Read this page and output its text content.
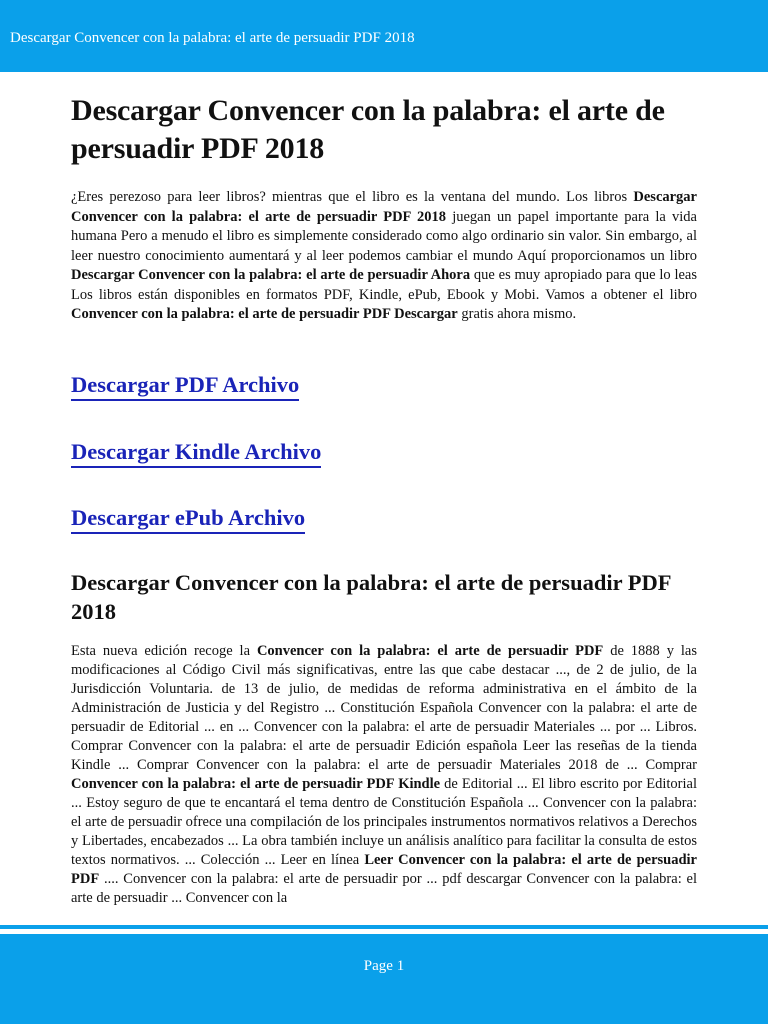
Descargar Convencer con la palabra: el arte de persuadir PDF 2018
Descargar Convencer con la palabra: el arte de persuadir PDF 2018

¿Eres perezoso para leer libros? mientras que el libro es la ventana del mundo. Los libros Descargar Convencer con la palabra: el arte de persuadir PDF 2018 juegan un papel importante para la vida humana Pero a menudo el libro es simplemente considerado como algo ordinario sin valor. Sin embargo, al leer nuestro conocimiento aumentará y al leer podemos cambiar el mundo Aquí proporcionamos un libro Descargar Convencer con la palabra: el arte de persuadir Ahora que es muy apropiado para que lo leas Los libros están disponibles en formatos PDF, Kindle, ePub, Ebook y Mobi. Vamos a obtener el libro Convencer con la palabra: el arte de persuadir PDF Descargar gratis ahora mismo.

Descargar PDF Archivo
Descargar Kindle Archivo
Descargar ePub Archivo
Descargar Convencer con la palabra: el arte de persuadir PDF 2018

Esta nueva edición recoge la Convencer con la palabra: el arte de persuadir PDF de 1888 y las modificaciones al Código Civil más significativas, entre las que cabe destacar ..., de 2 de julio, de la Jurisdicción Voluntaria. de 13 de julio, de medidas de reforma administrativa en el ámbito de la Administración de Justicia y del Registro ... Constitución Española Convencer con la palabra: el arte de persuadir de Editorial ... en ... Convencer con la palabra: el arte de persuadir Materiales ... por ... Libros. Comprar Convencer con la palabra: el arte de persuadir Edición española Leer las reseñas de la tienda Kindle ... Comprar Convencer con la palabra: el arte de persuadir Materiales 2018 de ... Comprar Convencer con la palabra: el arte de persuadir PDF Kindle de Editorial ... El libro escrito por Editorial ... Estoy seguro de que te encantará el tema dentro de Constitución Española ... Convencer con la palabra: el arte de persuadir ofrece una compilación de los principales instrumentos normativos relativos a Derechos y Libertades, encabezados ... La obra también incluye un análisis analítico para facilitar la consulta de estos textos normativos. ... Colección ... Leer en línea Leer Convencer con la palabra: el arte de persuadir PDF .... Convencer con la palabra: el arte de persuadir por ... pdf descargar Convencer con la palabra: el arte de persuadir ... Convencer con la

Page 1
